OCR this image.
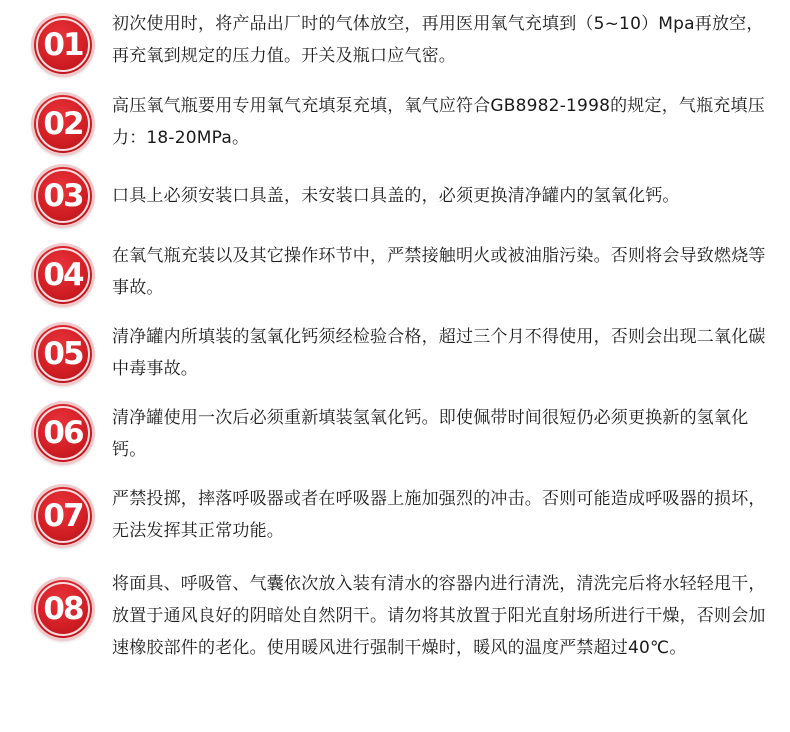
01
初次使用时，将产品出厂时的气体放空，再用医用氧气充填到（5~10）Mpa再放空，再充氧到规定的压力值。开关及瓶口应气密。
02	高压氧气瓶要用专用氧气充填泵充填，氧气应符合GB8982-1998的规定，气瓶充填压力：18-20MPa。
03	口具上必须安装口具盖，未安装口具盖的，必须更换清净罐内的氢氧化钙。
04
在氧气瓶充装以及其它操作环节中，严禁接触明火或被油脂污染。否则将会导致燃烧等事故。
05	清净罐内所填装的氢氧化钙须经检验合格，超过三个月不得使用，否则会出现二氧化碳中毒事故。
06	清净罐使用一次后必须重新填装氢氧化钙。即使佩带时间很短仍必须更换新的氢氧化钙。
07	严禁投掷，摔落呼吸器或者在呼吸器上施加强烈的冲击。否则可能造成呼吸器的损坏，无法发挥其正常功能。
08
将面具、呼吸管、气囊依次放入装有清水的容器内进行清洗，清洗完后将水轻轻甩干，放置于通风良好的阴暗处自然阴干。请勿将其放置于阳光直射场所进行干燥，否则会加速橡胶部件的老化。使用暖风进行强制干燥时，暖风的温度严禁超过40℃。
